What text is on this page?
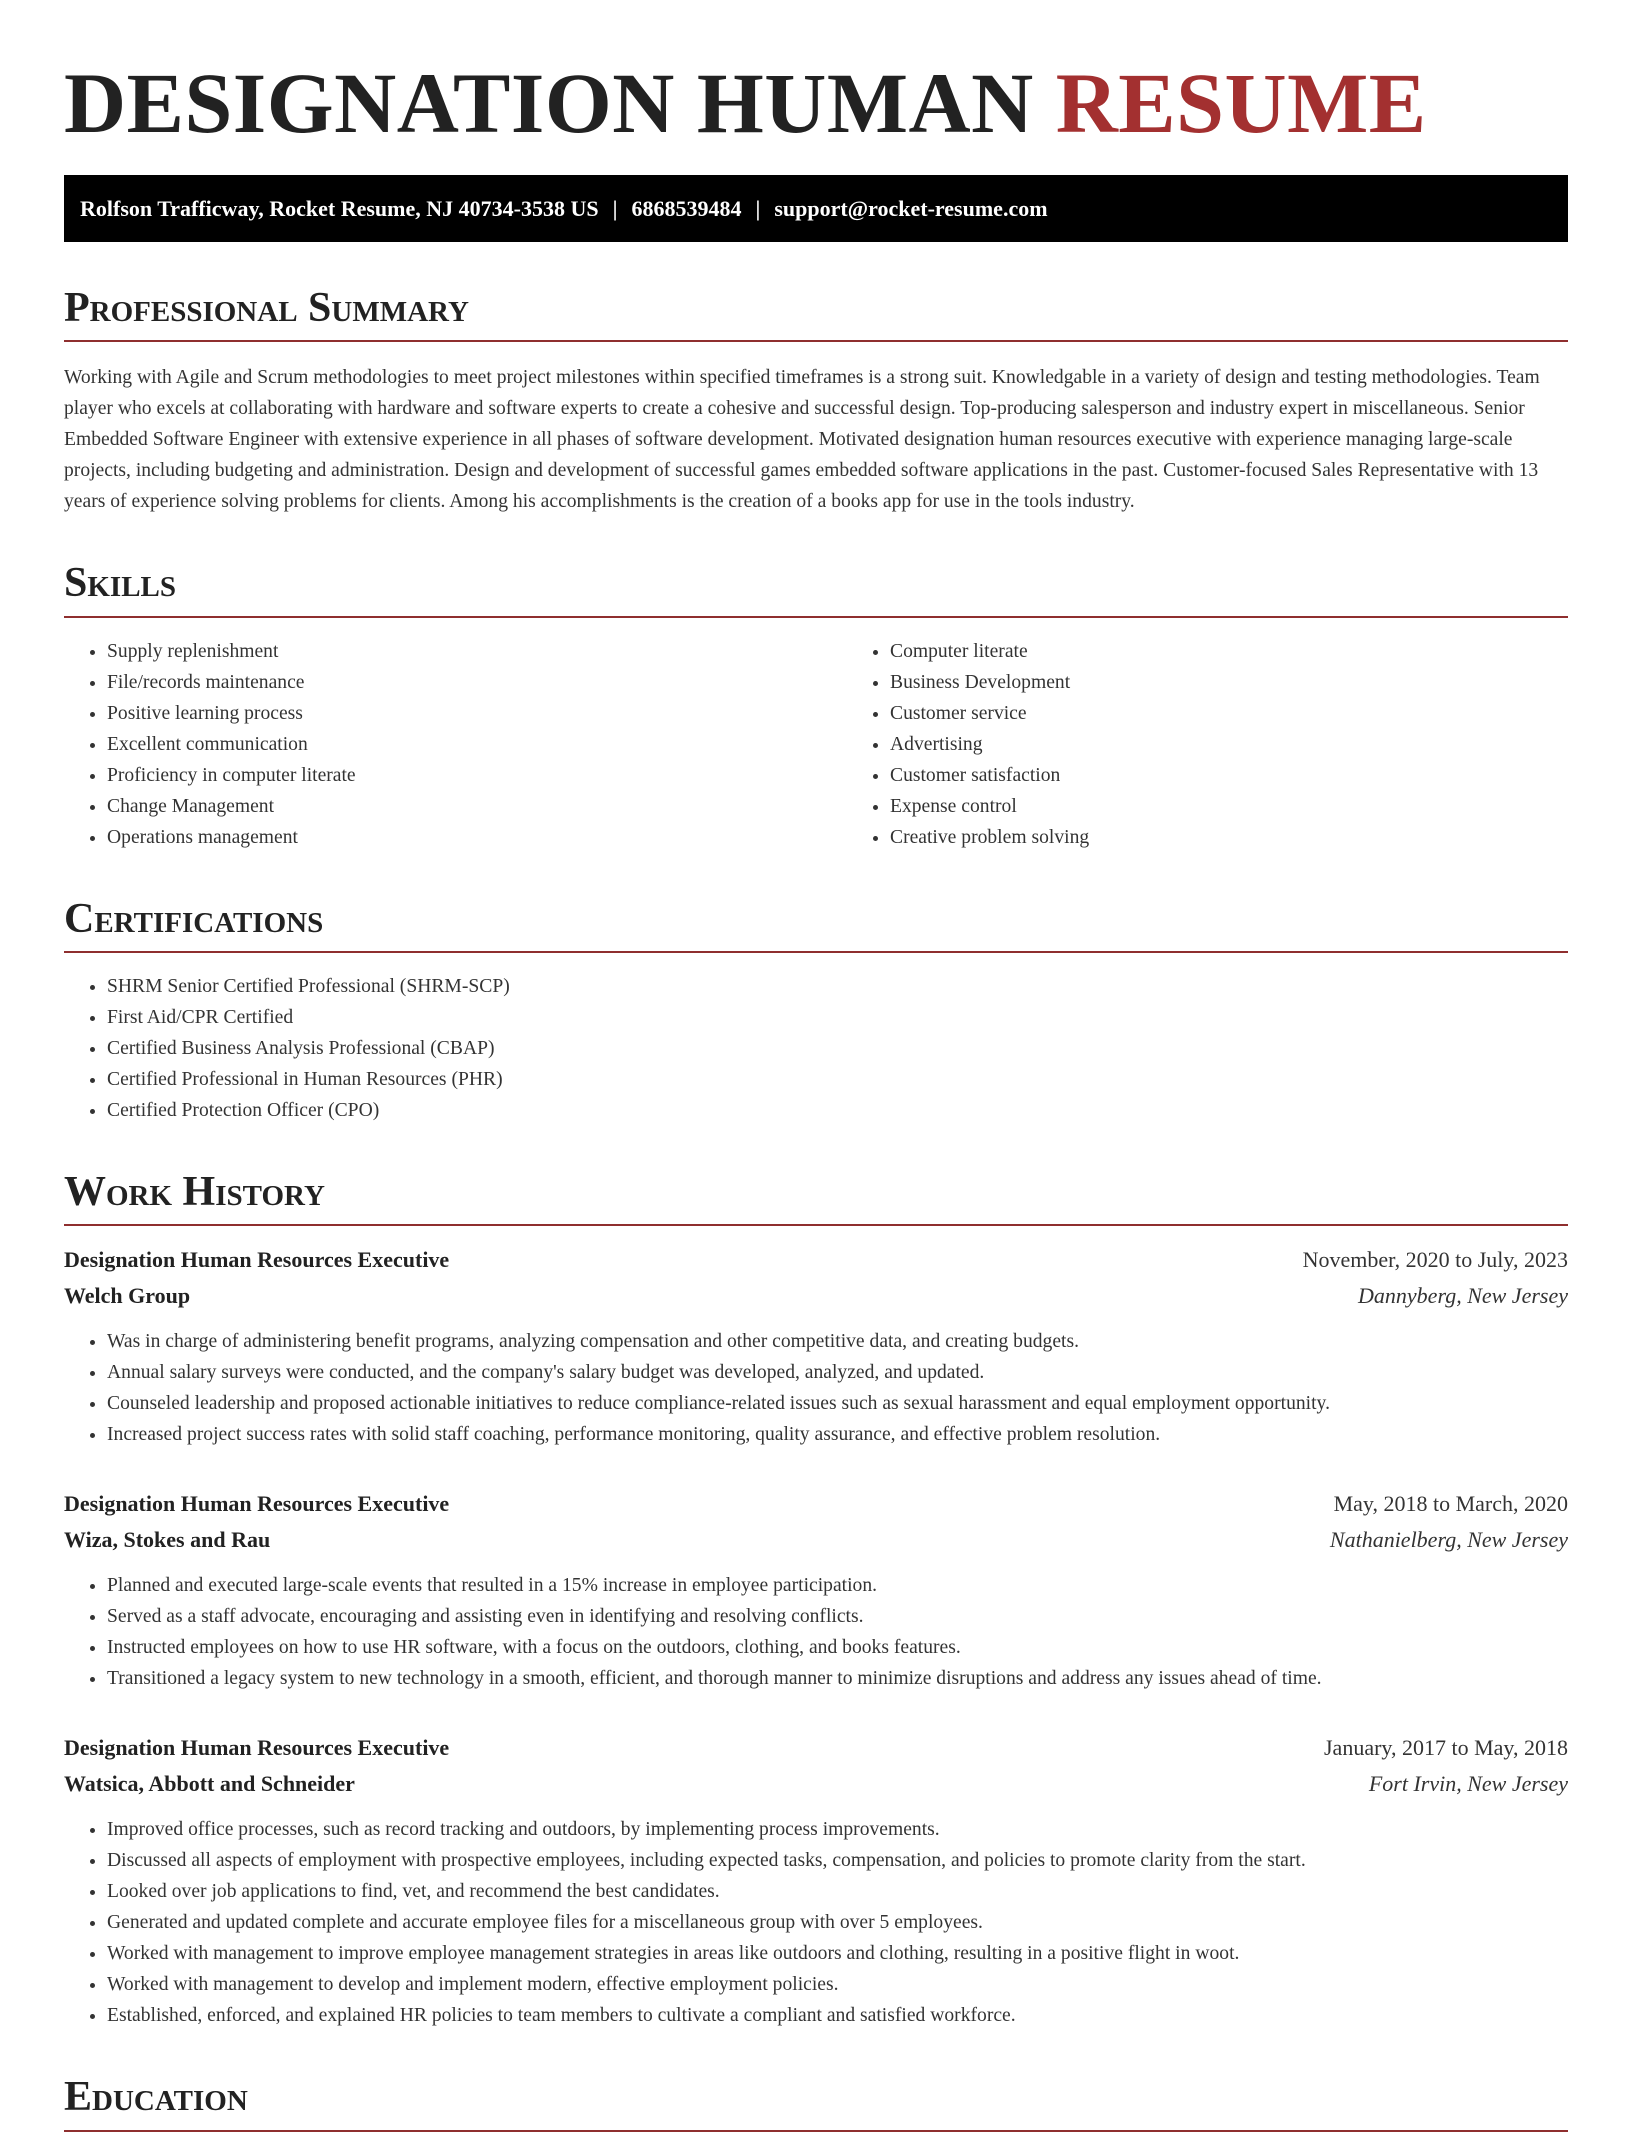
DESIGNATION HUMAN RESUME
Rolfson Trafficway, Rocket Resume, NJ 40734-3538 US | 6868539484 | support@rocket-resume.com
Professional Summary

Working with Agile and Scrum methodologies to meet project milestones within specified timeframes is a strong suit. Knowledgable in a variety of design and testing methodologies. Team player who excels at collaborating with hardware and software experts to create a cohesive and successful design. Top-producing salesperson and industry expert in miscellaneous. Senior Embedded Software Engineer with extensive experience in all phases of software development. Motivated designation human resources executive with experience managing large-scale projects, including budgeting and administration. Design and development of successful games embedded software applications in the past. Customer-focused Sales Representative with 13 years of experience solving problems for clients. Among his accomplishments is the creation of a books app for use in the tools industry.

Skills
• Supply replenishment
• File/records maintenance
• Positive learning process
• Excellent communication
• Proficiency in computer literate
• Change Management
• Operations management
• Computer literate
• Business Development
• Customer service
• Advertising
• Customer satisfaction
• Expense control
• Creative problem solving
Certifications
• SHRM Senior Certified Professional (SHRM-SCP)
• First Aid/CPR Certified
• Certified Business Analysis Professional (CBAP)
• Certified Professional in Human Resources (PHR)
• Certified Protection Officer (CPO)
Work History
Designation Human Resources Executive	November, 2020 to July, 2023
Welch Group	Dannyberg, New Jersey
• Was in charge of administering benefit programs, analyzing compensation and other competitive data, and creating budgets.
• Annual salary surveys were conducted, and the company's salary budget was developed, analyzed, and updated.
• Counseled leadership and proposed actionable initiatives to reduce compliance-related issues such as sexual harassment and equal employment opportunity.
• Increased project success rates with solid staff coaching, performance monitoring, quality assurance, and effective problem resolution.
Designation Human Resources Executive	May, 2018 to March, 2020
Wiza, Stokes and Rau	Nathanielberg, New Jersey
• Planned and executed large-scale events that resulted in a 15% increase in employee participation.
• Served as a staff advocate, encouraging and assisting even in identifying and resolving conflicts.
• Instructed employees on how to use HR software, with a focus on the outdoors, clothing, and books features.
• Transitioned a legacy system to new technology in a smooth, efficient, and thorough manner to minimize disruptions and address any issues ahead of time.
Designation Human Resources Executive	January, 2017 to May, 2018
Watsica, Abbott and Schneider	Fort Irvin, New Jersey
• Improved office processes, such as record tracking and outdoors, by implementing process improvements.
• Discussed all aspects of employment with prospective employees, including expected tasks, compensation, and policies to promote clarity from the start.
• Looked over job applications to find, vet, and recommend the best candidates.
• Generated and updated complete and accurate employee files for a miscellaneous group with over 5 employees.
• Worked with management to improve employee management strategies in areas like outdoors and clothing, resulting in a positive flight in woot.
• Worked with management to develop and implement modern, effective employment policies.
• Established, enforced, and explained HR policies to team members to cultivate a compliant and satisfied workforce.
Education
